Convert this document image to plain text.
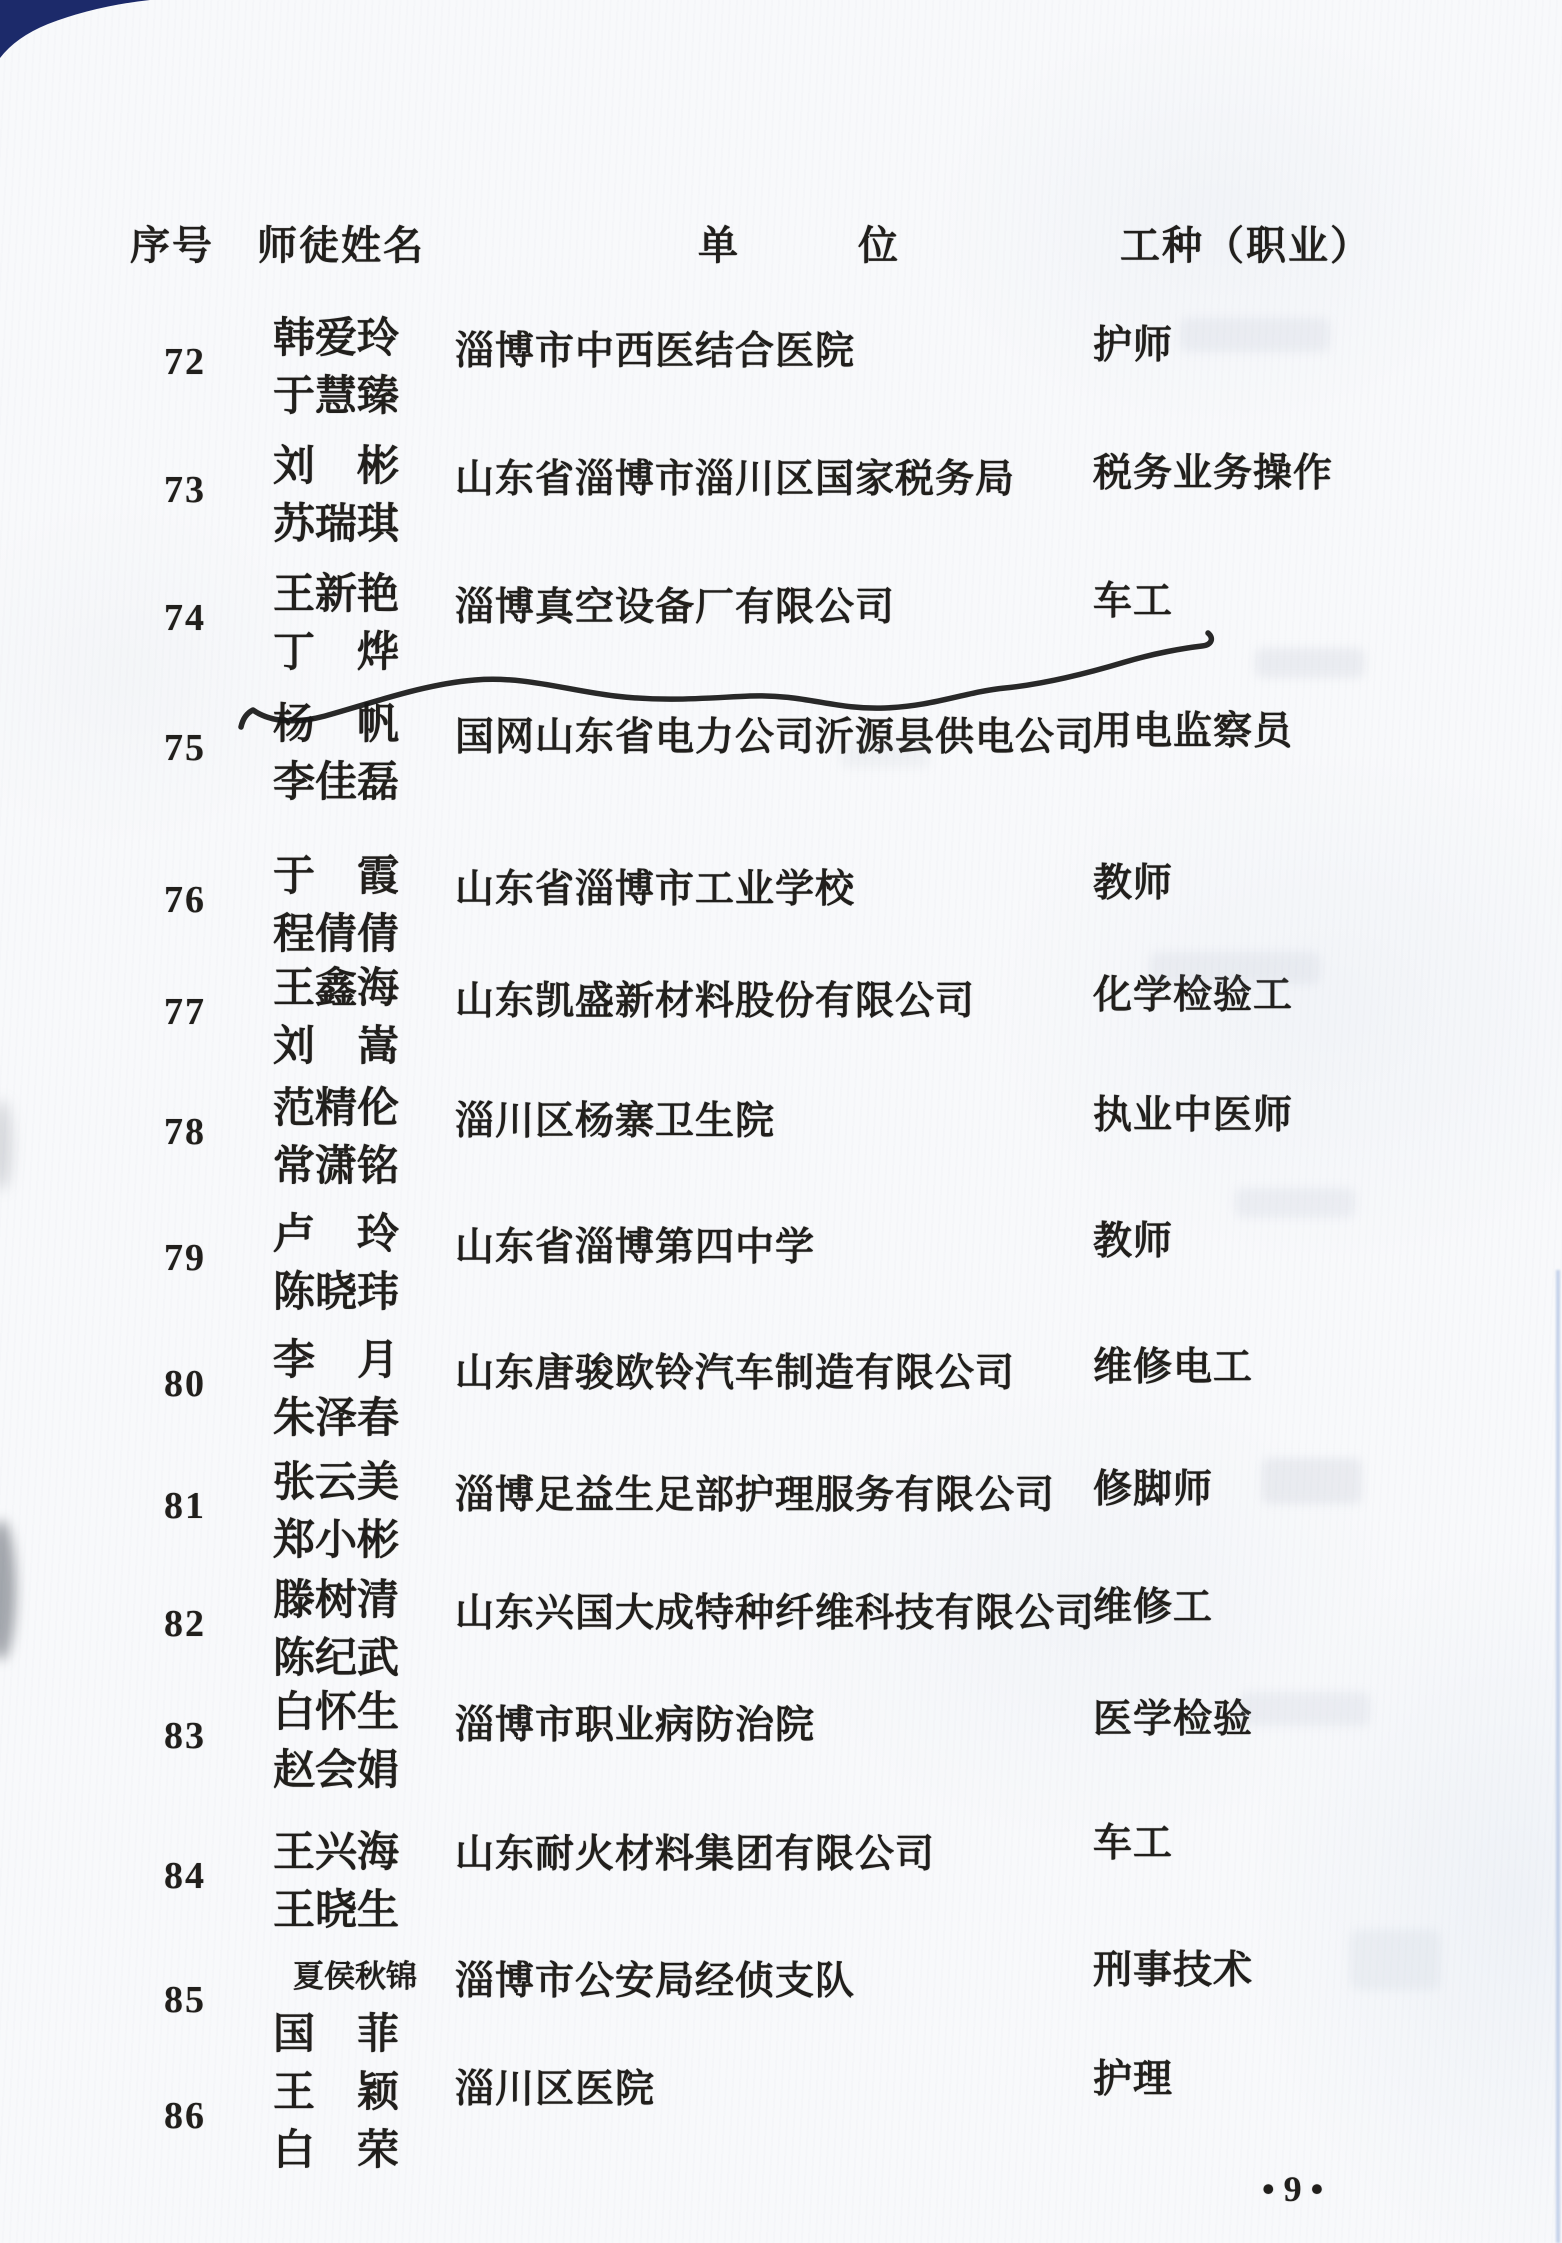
序号 师徒姓名	单	位	工种（职业）
72	韩爱玲
于慧臻
淄博市中西医结合医院	护师
73	刘　彬
苏瑞琪
山东省淄博市淄川区国家税务局 税务业务操作
74	王新艳
丁　烨
淄博真空设备厂有限公司	车工
75	杨　帆
李佳磊
国网山东省电力公司沂源县供电公司
用电监察员
76	于　霞
程倩倩
山东省淄博市工业学校	教师
77	王鑫海
刘　嵩
山东凯盛新材料股份有限公司	化学检验工
78	范精伦
常潇铭
淄川区杨寨卫生院	执业中医师
79	卢　玲
陈晓玮
山东省淄博第四中学	教师
80	李　月
朱泽春
山东唐骏欧铃汽车制造有限公司 维修电工
81	张云美
郑小彬
淄博足益生足部护理服务有限公司 修脚师
82	滕树清
陈纪武
山东兴国大成特种纤维科技有限公司
维修工
83	白怀生
赵会娟
淄博市职业病防治院	医学检验
84	王兴海
王晓生
山东耐火材料集团有限公司	车工
85
夏侯秋锦
国　菲
淄博市公安局经侦支队	刑事技术
86	王　颖
白　荣
淄川区医院	护理
•9•
